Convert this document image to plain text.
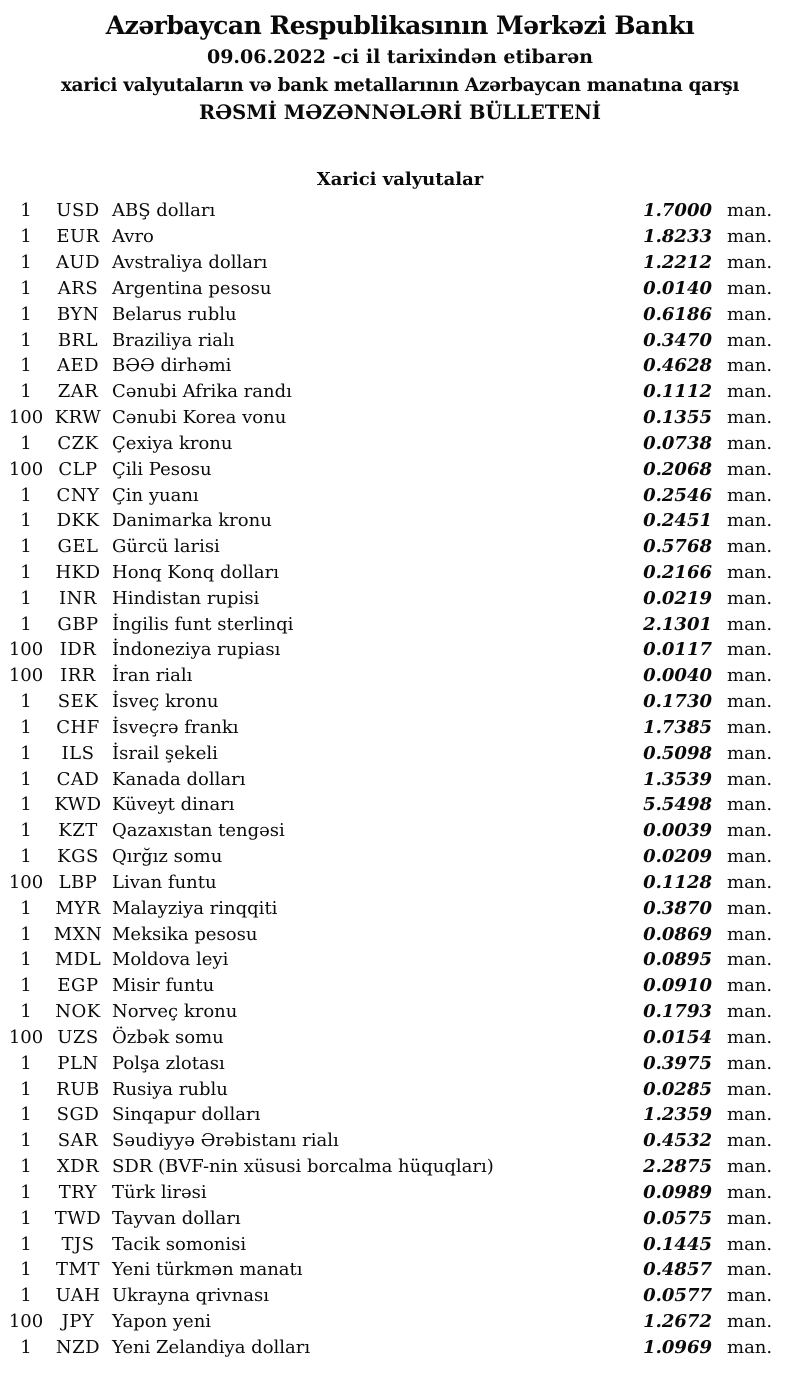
Azərbaycan Respublikasının Mərkəzi Bankı
09.06.2022 -ci il tarixindən etibarən
xarici valyutaların və bank metallarının Azərbaycan manatına qarşı
RƏSMİ MƏZƏNNƏLƏRİ BÜLLETENİ
Xarici valyutalar
1	USD ABŞ dolları	1.7000 man.
1	EUR Avro	1.8233 man.
1	AUD Avstraliya dolları	1.2212 man.
1	ARS Argentina pesosu	0.0140 man.
1	BYN Belarus rublu	0.6186 man.
1	BRL Braziliya rialı	0.3470 man.
1	AED BƏƏ dirhəmi	0.4628 man.
1	ZAR Cənubi Afrika randı	0.1112 man.
100 KRW Cənubi Korea vonu	0.1355 man.
1	CZK Çexiya kronu	0.0738 man.
100 CLP Çili Pesosu	0.2068 man.
1	CNY Çin yuanı	0.2546 man.
1	DKK Danimarka kronu	0.2451 man.
1	GEL Gürcü larisi	0.5768 man.
1	HKD Honq Konq dolları	0.2166 man.
1	INR Hindistan rupisi	0.0219 man.
1	GBP İngilis funt sterlinqi	2.1301 man.
100 IDR İndoneziya rupiası	0.0117 man.
100 IRR İran rialı	0.0040 man.
1	SEK İsveç kronu	0.1730 man.
1	CHF İsveçrə frankı	1.7385 man.
1	ILS İsrail şekeli	0.5098 man.
1	CAD Kanada dolları	1.3539 man.
1	KWD Küveyt dinarı	5.5498 man.
1	KZT Qazaxıstan tengəsi	0.0039 man.
1	KGS Qırğız somu	0.0209 man.
100 LBP Livan funtu	0.1128 man.
1	MYR Malayziya rinqqiti	0.3870 man.
1	MXN Meksika pesosu	0.0869 man.
1	MDL Moldova leyi	0.0895 man.
1	EGP Misir funtu	0.0910 man.
1	NOK Norveç kronu	0.1793 man.
100 UZS Özbək somu	0.0154 man.
1	PLN Polşa zlotası	0.3975 man.
1	RUB Rusiya rublu	0.0285 man.
1	SGD Sinqapur dolları	1.2359 man.
1	SAR Səudiyyə Ərəbistanı rialı	0.4532 man.
1	XDR SDR (BVF-nin xüsusi borcalma hüquqları)	2.2875 man.
1	TRY Türk lirəsi	0.0989 man.
1	TWD Tayvan dolları	0.0575 man.
1	TJS Tacik somonisi	0.1445 man.
1	TMT Yeni türkmən manatı	0.4857 man.
1	UAH Ukrayna qrivnası	0.0577 man.
100	JPY Yapon yeni	1.2672 man.
1	NZD Yeni Zelandiya dolları	1.0969 man.
